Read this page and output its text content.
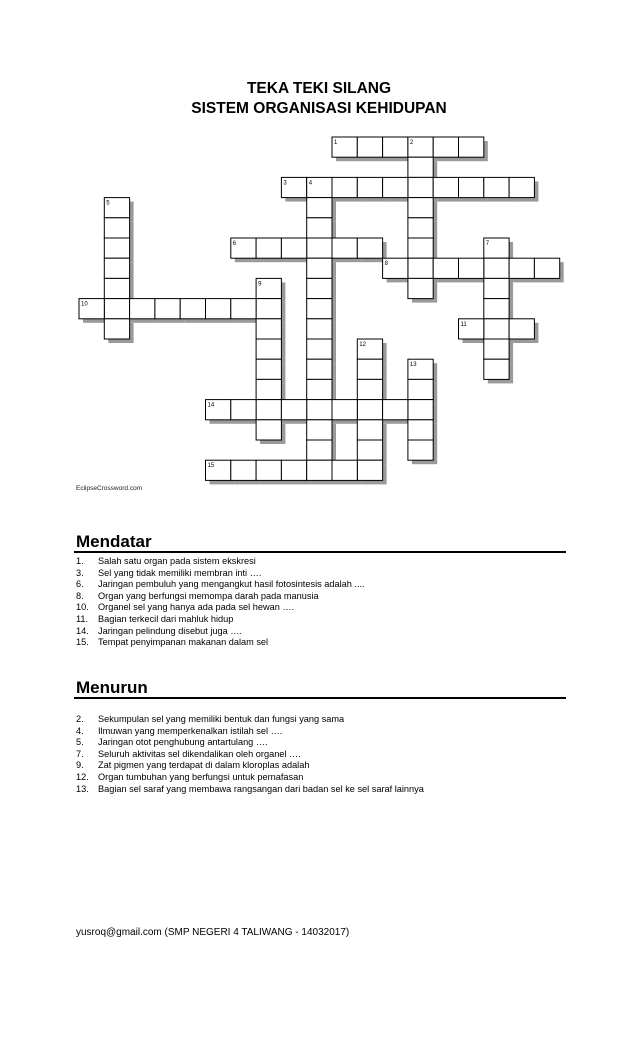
TEKA TEKI SILANG
SISTEM ORGANISASI KEHIDUPAN
1	2
3	4
5
6	7
8
9
10
11
12
13
14
15
EclipseCrossword.com
Mendatar
1. Salah satu organ pada sistem ekskresi
3. Sel yang tidak memiliki membran inti ….
6. Jaringan pembuluh yang mengangkut hasil fotosintesis adalah ....
8. Organ yang berfungsi memompa darah pada manusia
10. Organel sel yang hanya ada pada sel hewan ….
11. Bagian terkecil dari mahluk hidup
14. Jaringan pelindung disebut juga ….
15. Tempat penyimpanan makanan dalam sel
Menurun
2. Sekumpulan sel yang memiliki bentuk dan fungsi yang sama
4. Ilmuwan yang memperkenalkan istilah sel ….
5. Jaringan otot penghubung antartulang ….
7. Seluruh aktivitas sel dikendalikan oleh organel ….
9. Zat pigmen yang terdapat di dalam kloroplas adalah
12. Organ tumbuhan yang berfungsi untuk pernafasan
13. Bagian sel saraf yang membawa rangsangan dari badan sel ke sel saraf lainnya
yusroq@gmail.com (SMP NEGERI 4 TALIWANG - 14032017)
